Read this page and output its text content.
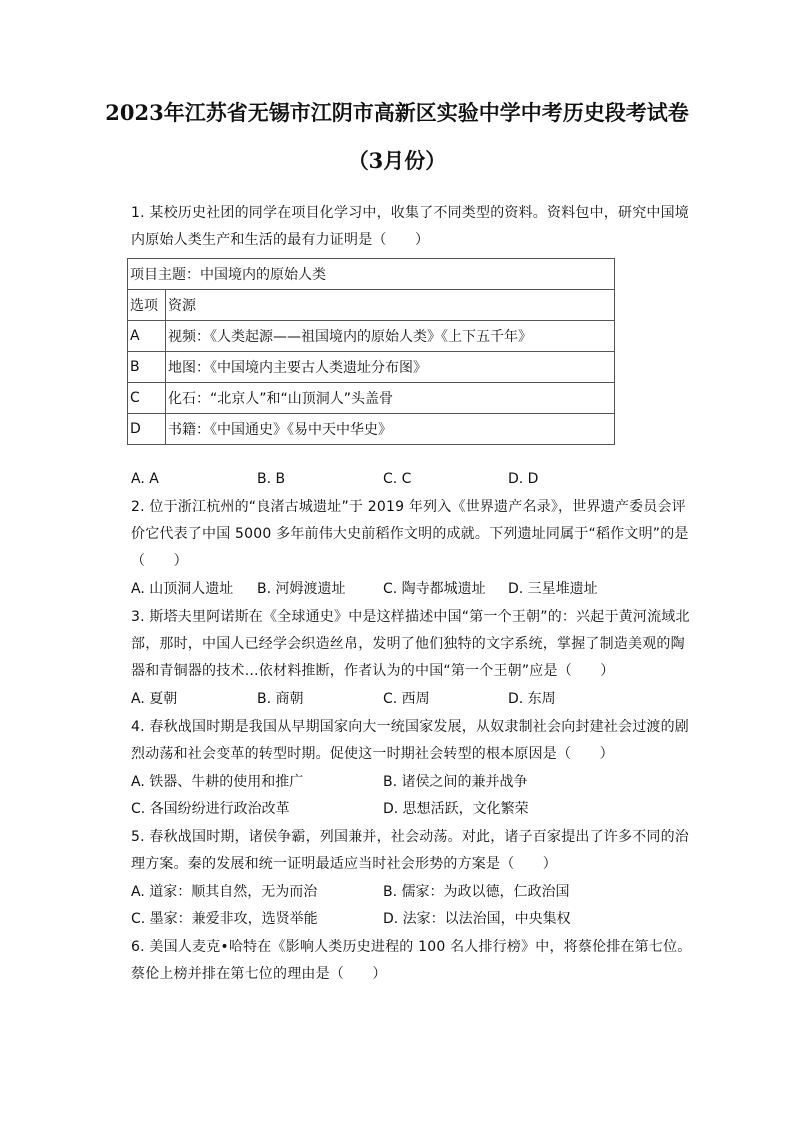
2023年江苏省无锡市江阴市高新区实验中学中考历史段考试卷
（3月份）
1. 某校历史社团的同学在项目化学习中，收集了不同类型的资料。资料包中，研究中国境内原始人类生产和生活的最有力证明是（　　）
项目主题：中国境内的原始人类	
选项	资源
A	视频：《人类起源——祖国境内的原始人类》《上下五千年》
B	地图：《中国境内主要古人类遗址分布图》
C	化石：“北京人”和“山顶洞人”头盖骨
D	书籍：《中国通史》《易中天中华史》
A. A	B. B	C. C	D. D
2. 位于浙江杭州的“良渚古城遗址”于 2019 年列入《世界遗产名录》，世界遗产委员会评价它代表了中国 5000 多年前伟大史前稻作文明的成就。下列遗址同属于“稻作文明”的是（　　）
A. 山顶洞人遗址 B. 河姆渡遗址	C. 陶寺都城遗址 D. 三星堆遗址
3. 斯塔夫里阿诺斯在《全球通史》中是这样描述中国“第一个王朝”的：兴起于黄河流域北部，那时，中国人已经学会织造丝帛，发明了他们独特的文字系统，掌握了制造美观的陶器和青铜器的技术…依材料推断，作者认为的中国“第一个王朝”应是（　　）
A. 夏朝	B. 商朝	C. 西周	D. 东周
4. 春秋战国时期是我国从早期国家向大一统国家发展，从奴隶制社会向封建社会过渡的剧烈动荡和社会变革的转型时期。促使这一时期社会转型的根本原因是（　　）
A. 铁器、牛耕的使用和推广	B. 诸侯之间的兼并战争
C. 各国纷纷进行政治改革	D. 思想活跃，文化繁荣
5. 春秋战国时期，诸侯争霸，列国兼并，社会动荡。对此，诸子百家提出了许多不同的治理方案。秦的发展和统一证明最适应当时社会形势的方案是（　　）
A. 道家：顺其自然，无为而治	B. 儒家：为政以德，仁政治国
C. 墨家：兼爱非攻，选贤举能	D. 法家：以法治国，中央集权
6. 美国人麦克•哈特在《影响人类历史进程的 100 名人排行榜》中，将蔡伦排在第七位。蔡伦上榜并排在第七位的理由是（　　）
